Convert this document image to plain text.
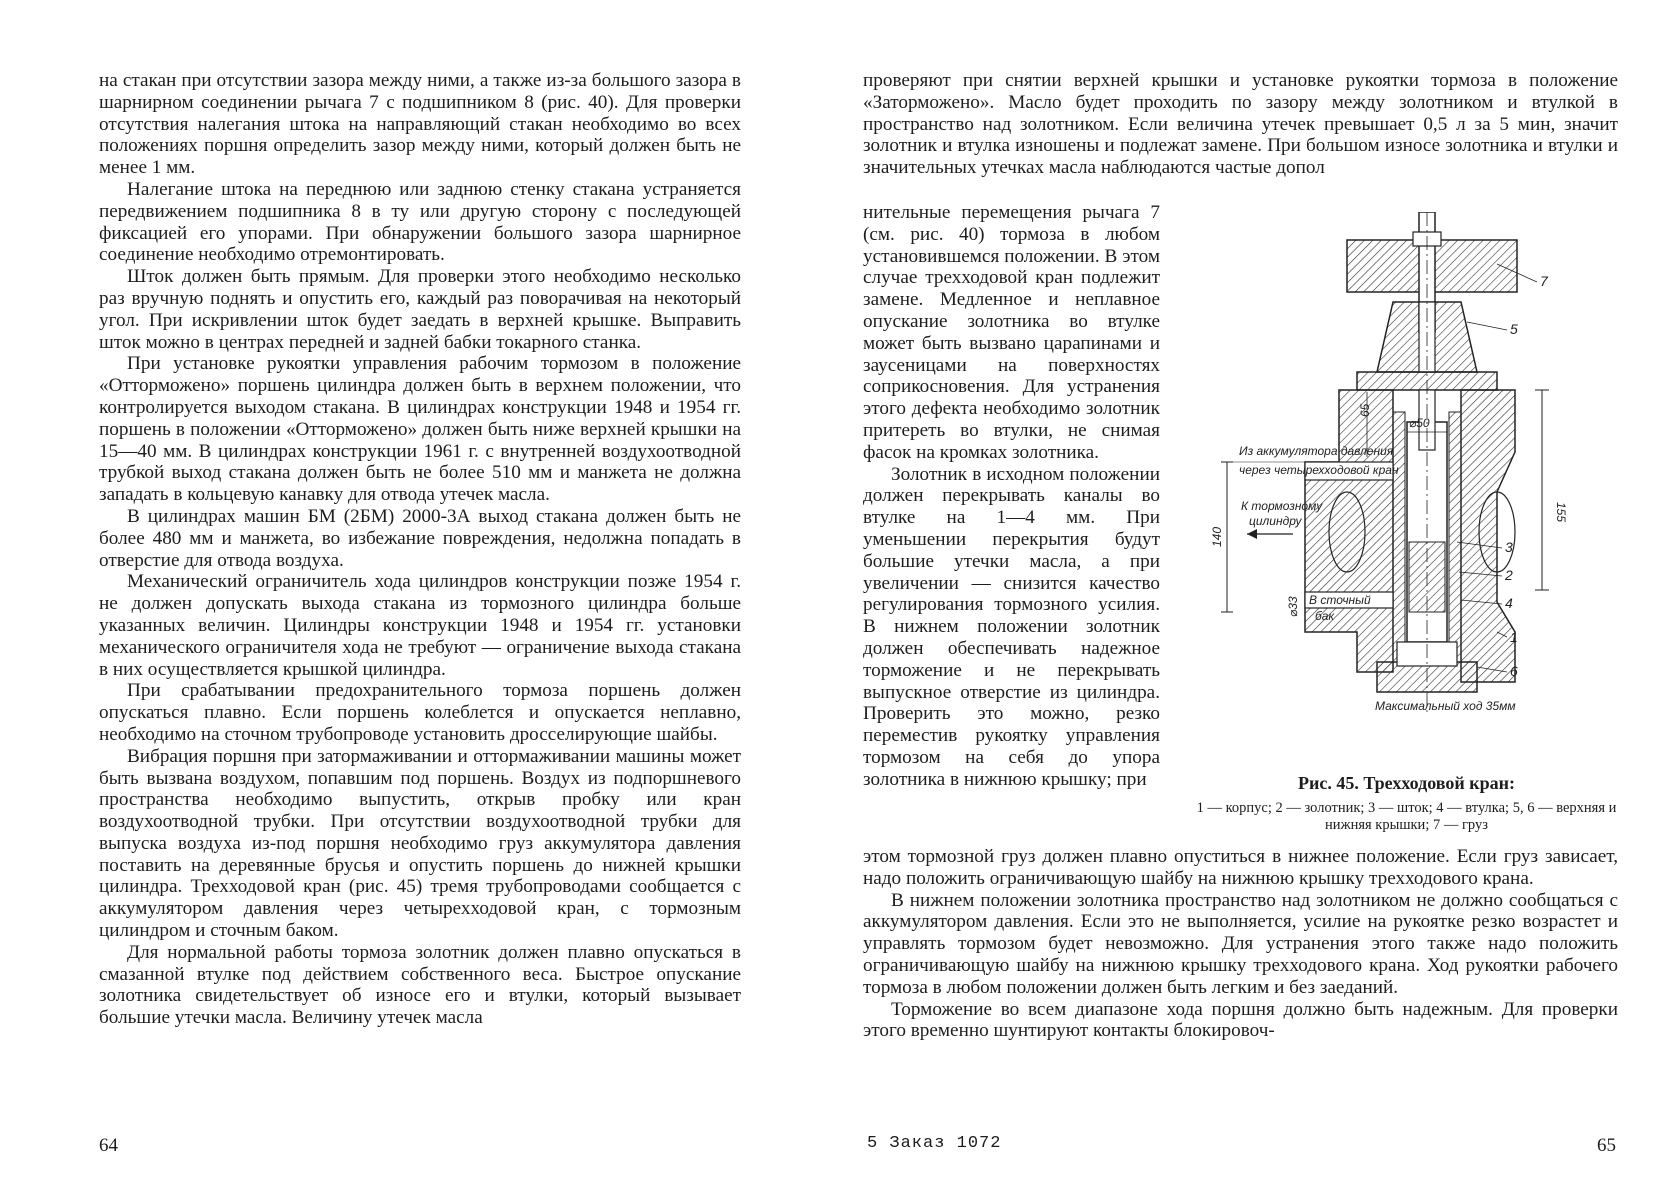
на стакан при отсутствии зазора между ними, а также из-за большого зазора в шарнирном соединении рычага 7 с подшипником 8 (рис. 40). Для проверки отсутствия налегания штока на направляющий стакан необходимо во всех положениях поршня определить зазор между ними, который должен быть не менее 1 мм.

Налегание штока на переднюю или заднюю стенку стакана устраняется передвижением подшипника 8 в ту или другую сторону с последующей фиксацией его упорами. При обнаружении большого зазора шарнирное соединение необходимо отремонтировать.

Шток должен быть прямым. Для проверки этого необходимо несколько раз вручную поднять и опустить его, каждый раз поворачивая на некоторый угол. При искривлении шток будет заедать в верхней крышке. Выправить шток можно в центрах передней и задней бабки токарного станка.

При установке рукоятки управления рабочим тормозом в положение «Отторможено» поршень цилиндра должен быть в верхнем положении, что контролируется выходом стакана. В цилиндрах конструкции 1948 и 1954 гг. поршень в положении «Отторможено» должен быть ниже верхней крышки на 15—40 мм. В цилиндрах конструкции 1961 г. с внутренней воздухоотводной трубкой выход стакана должен быть не более 510 мм и манжета не должна западать в кольцевую канавку для отвода утечек масла.

В цилиндрах машин БМ (2БМ) 2000-3А выход стакана должен быть не более 480 мм и манжета, во избежание повреждения, недолжна попадать в отверстие для отвода воздуха.

Механический ограничитель хода цилиндров конструкции позже 1954 г. не должен допускать выхода стакана из тормозного цилиндра больше указанных величин. Цилиндры конструкции 1948 и 1954 гг. установки механического ограничителя хода не требуют — ограничение выхода стакана в них осуществляется крышкой цилиндра.

При срабатывании предохранительного тормоза поршень должен опускаться плавно. Если поршень колеблется и опускается неплавно, необходимо на сточном трубопроводе установить дросселирующие шайбы.

Вибрация поршня при затормаживании и оттормаживании машины может быть вызвана воздухом, попавшим под поршень. Воздух из подпоршневого пространства необходимо выпустить, открыв пробку или кран воздухоотводной трубки. При отсутствии воздухоотводной трубки для выпуска воздуха из-под поршня необходимо груз аккумулятора давления поставить на деревянные брусья и опустить поршень до нижней крышки цилиндра. Трехходовой кран (рис. 45) тремя трубопроводами сообщается с аккумулятором давления через четырехходовой кран, с тормозным цилиндром и сточным баком.

Для нормальной работы тормоза золотник должен плавно опускаться в смазанной втулке под действием собственного веса. Быстрое опускание золотника свидетельствует об износе его и втулки, который вызывает большие утечки масла. Величину утечек масла

64

проверяют при снятии верхней крышки и установке рукоятки тормоза в положение «Заторможено». Масло будет проходить по зазору между золотником и втулкой в пространство над золотником. Если величина утечек превышает 0,5 л за 5 мин, значит золотник и втулка изношены и подлежат замене. При большом износе золотника и втулки и значительных утечках масла наблюдаются частые допол

нительные перемещения рычага 7 (см. рис. 40) тормоза в любом установившемся положении. В этом случае трехходовой кран подлежит замене. Медленное и неплавное опускание золотника во втулке может быть вызвано царапинами и заусеницами на поверхностях соприкосновения. Для устранения этого дефекта необходимо золотник притереть во втулки, не снимая фасок на кромках золотника.

Золотник в исходном положении должен перекрывать каналы во втулке на 1—4 мм. При уменьшении перекрытия будут большие утечки масла, а при увеличении — снизится качество регулирования тормозного усилия. В нижнем положении золотник должен обеспечивать надежное торможение и не перекрывать выпускное отверстие из цилиндра. Проверить это можно, резко переместив рукоятку управления тормозом на себя до упора золотника в нижнюю крышку; при

Из аккумулятора давления
через четырехходовой кран
К тормозному
цилиндру
В сточный
бак
⌀50
65
155
140
⌀33
Максимальный ход 35мм
7
5
3
2
4
1
6

Рис. 45. Трехходовой кран:

1 — корпус; 2 — золотник; 3 — шток; 4 — втулка; 5, 6 — верхняя и нижняя крышки; 7 — груз

этом тормозной груз должен плавно опуститься в нижнее положение. Если груз зависает, надо положить ограничивающую шайбу на нижнюю крышку трехходового крана.

В нижнем положении золотника пространство над золотником не должно сообщаться с аккумулятором давления. Если это не выполняется, усилие на рукоятке резко возрастет и управлять тормозом будет невозможно. Для устранения этого также надо положить ограничивающую шайбу на нижнюю крышку трехходового крана. Ход рукоятки рабочего тормоза в любом положении должен быть легким и без заеданий.

Торможение во всем диапазоне хода поршня должно быть надежным. Для проверки этого временно шунтируют контакты блокировоч-

5 Заказ 1072	65
